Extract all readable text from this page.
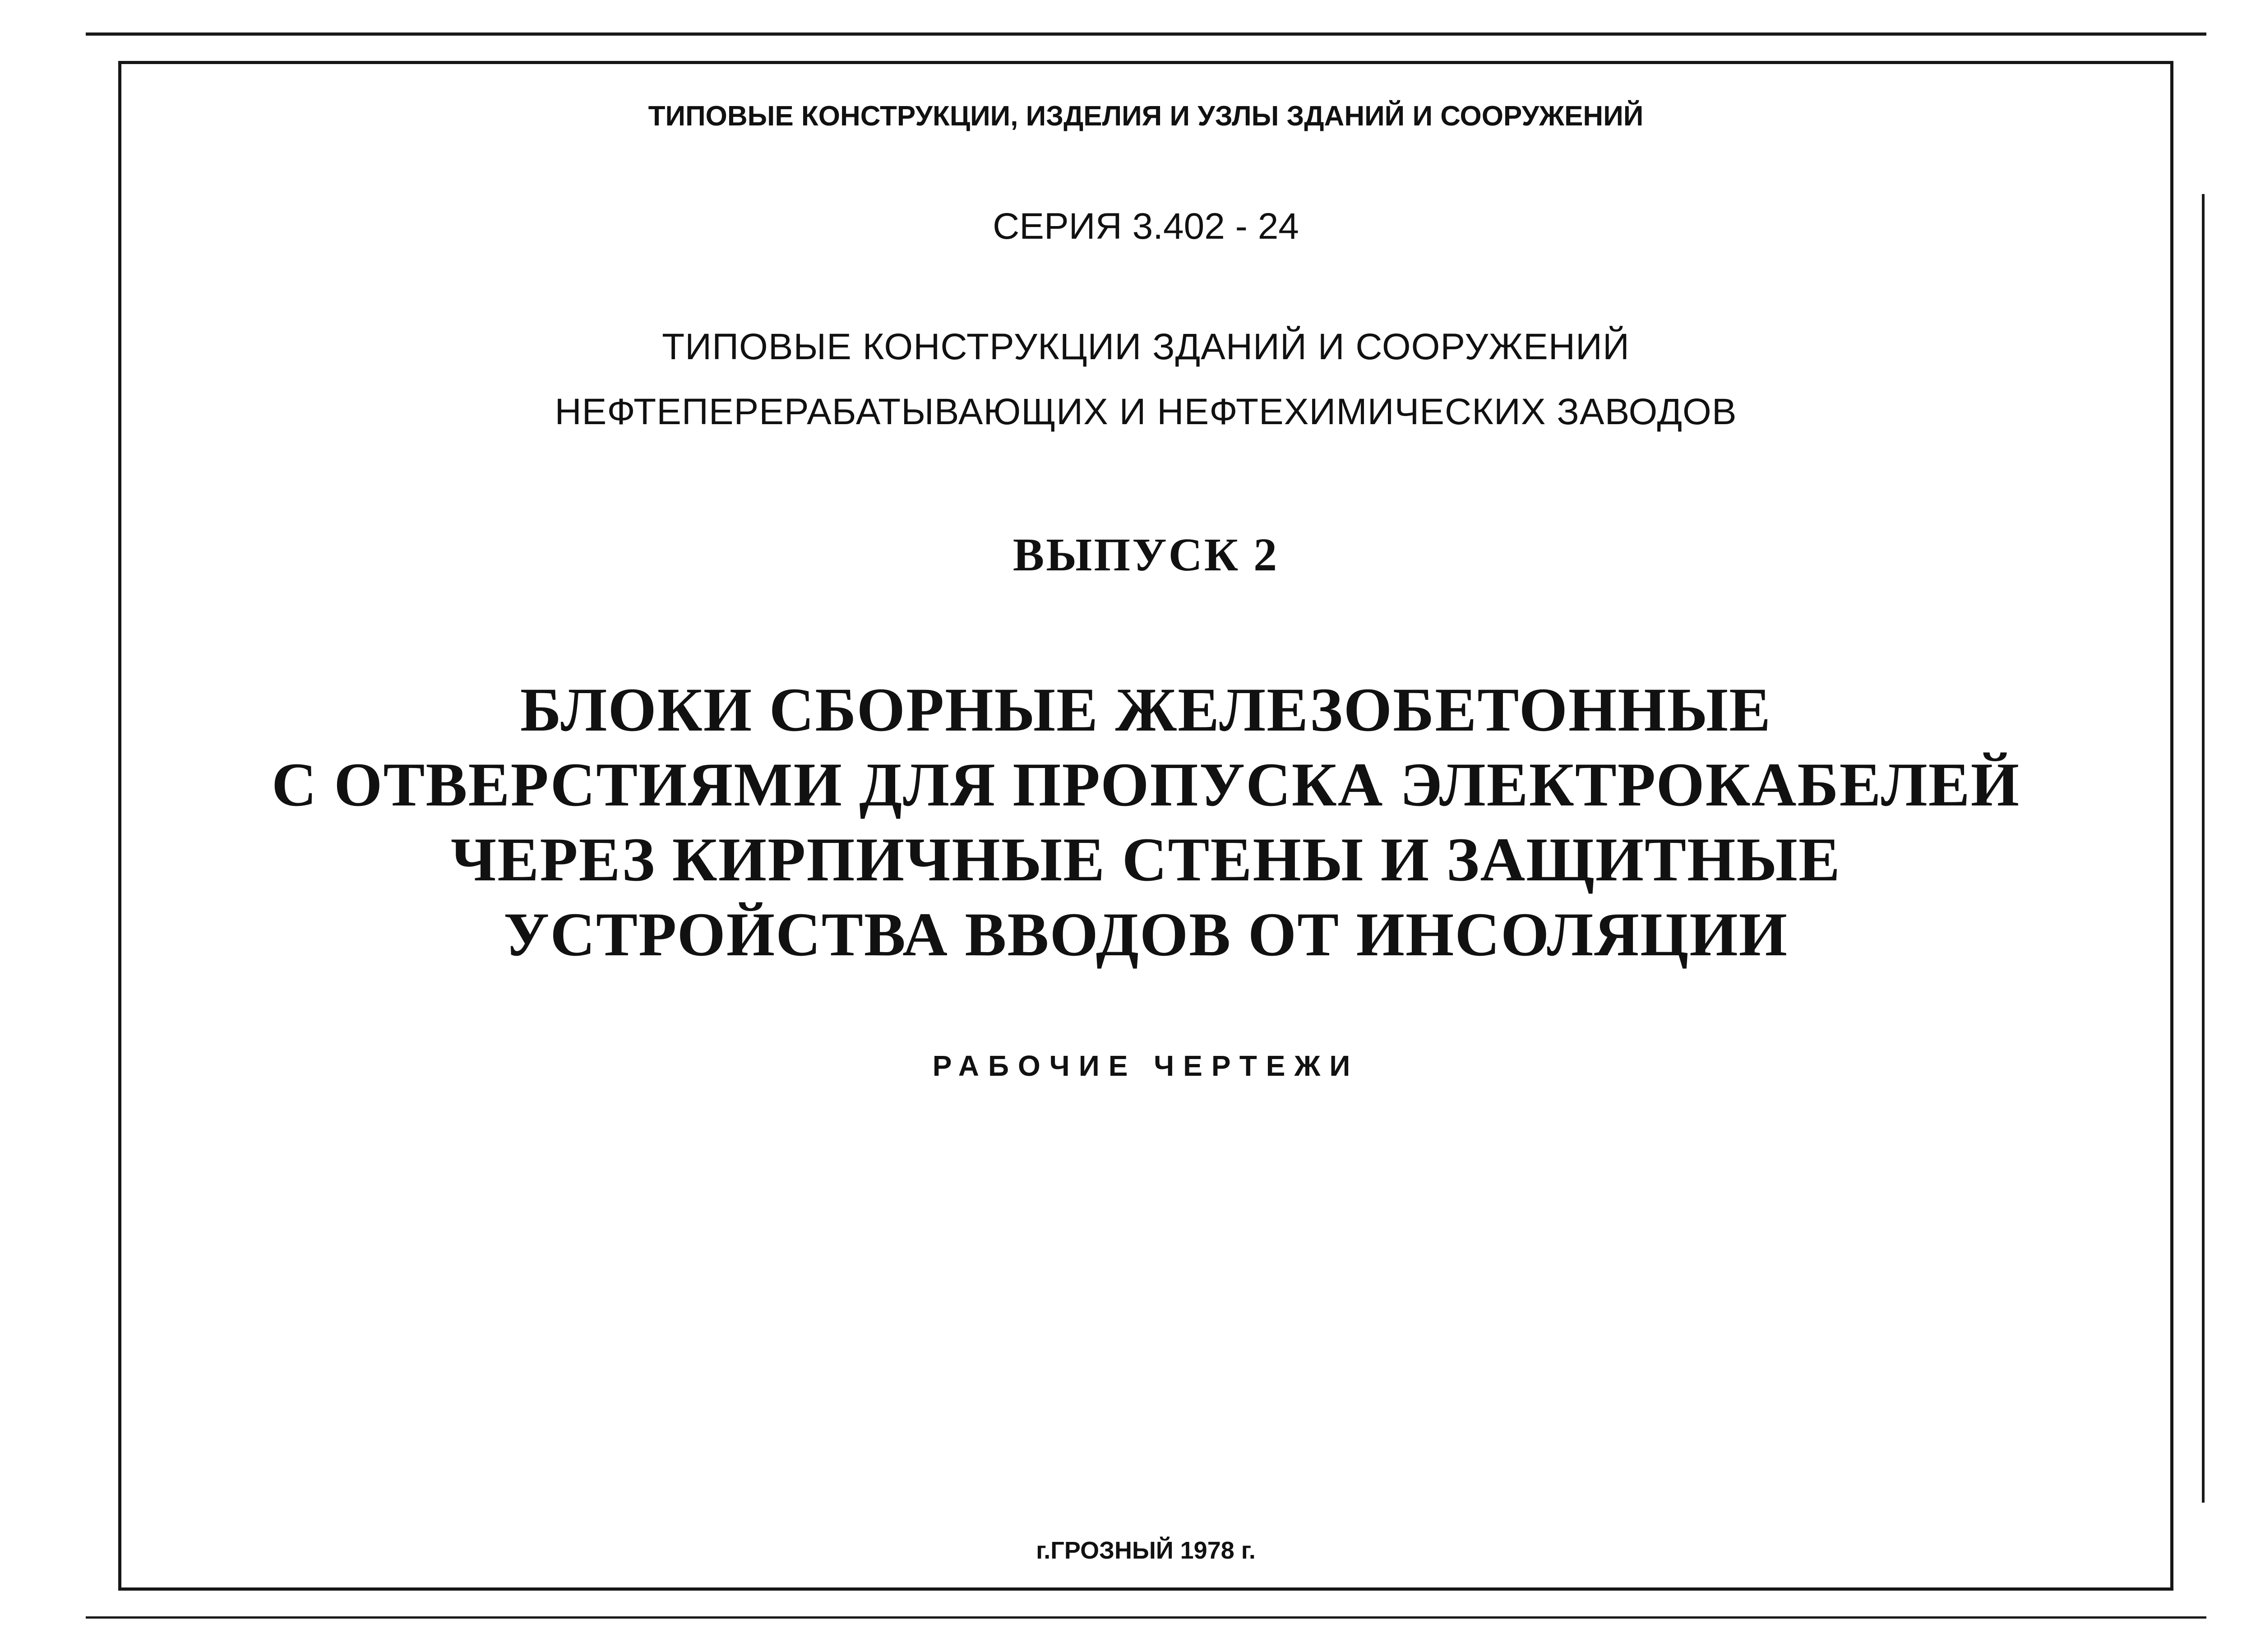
ТИПОВЫЕ КОНСТРУКЦИИ, ИЗДЕЛИЯ И УЗЛЫ ЗДАНИЙ И СООРУЖЕНИЙ
СЕРИЯ 3.402 - 24
ТИПОВЫЕ КОНСТРУКЦИИ ЗДАНИЙ И СООРУЖЕНИЙ
НЕФТЕПЕРЕРАБАТЫВАЮЩИХ И НЕФТЕХИМИЧЕСКИХ ЗАВОДОВ
ВЫПУСК 2
БЛОКИ СБОРНЫЕ ЖЕЛЕЗОБЕТОННЫЕ
С ОТВЕРСТИЯМИ ДЛЯ ПРОПУСКА ЭЛЕКТРОКАБЕЛЕЙ
ЧЕРЕЗ КИРПИЧНЫЕ СТЕНЫ И ЗАЩИТНЫЕ
УСТРОЙСТВА ВВОДОВ ОТ ИНСОЛЯЦИИ
РАБОЧИЕ ЧЕРТЕЖИ
г.ГРОЗНЫЙ 1978 г.
